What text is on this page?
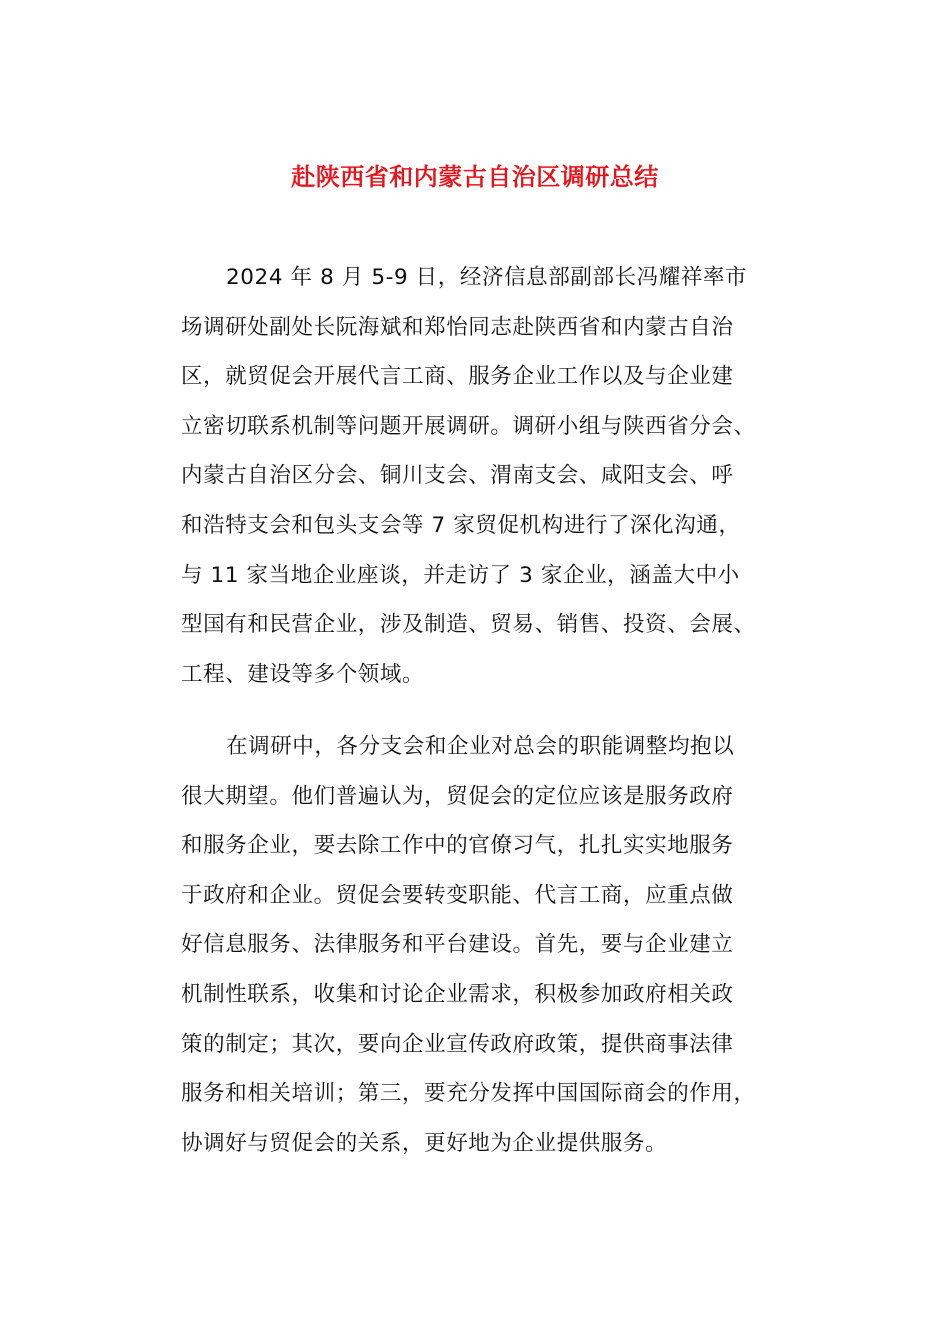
赴陕西省和内蒙古自治区调研总结
2024 年 8 月 5-9 日，经济信息部副部长冯耀祥率市
场调研处副处长阮海斌和郑怡同志赴陕西省和内蒙古自治
区，就贸促会开展代言工商、服务企业工作以及与企业建
立密切联系机制等问题开展调研。调研小组与陕西省分会、
内蒙古自治区分会、铜川支会、渭南支会、咸阳支会、呼
和浩特支会和包头支会等 7 家贸促机构进行了深化沟通，
与 11 家当地企业座谈，并走访了 3 家企业，涵盖大中小
型国有和民营企业，涉及制造、贸易、销售、投资、会展、
工程、建设等多个领域。
在调研中，各分支会和企业对总会的职能调整均抱以
很大期望。他们普遍认为，贸促会的定位应该是服务政府
和服务企业，要去除工作中的官僚习气，扎扎实实地服务
于政府和企业。贸促会要转变职能、代言工商，应重点做
好信息服务、法律服务和平台建设。首先，要与企业建立
机制性联系，收集和讨论企业需求，积极参加政府相关政
策的制定；其次，要向企业宣传政府政策，提供商事法律
服务和相关培训；第三，要充分发挥中国国际商会的作用，
协调好与贸促会的关系，更好地为企业提供服务。
